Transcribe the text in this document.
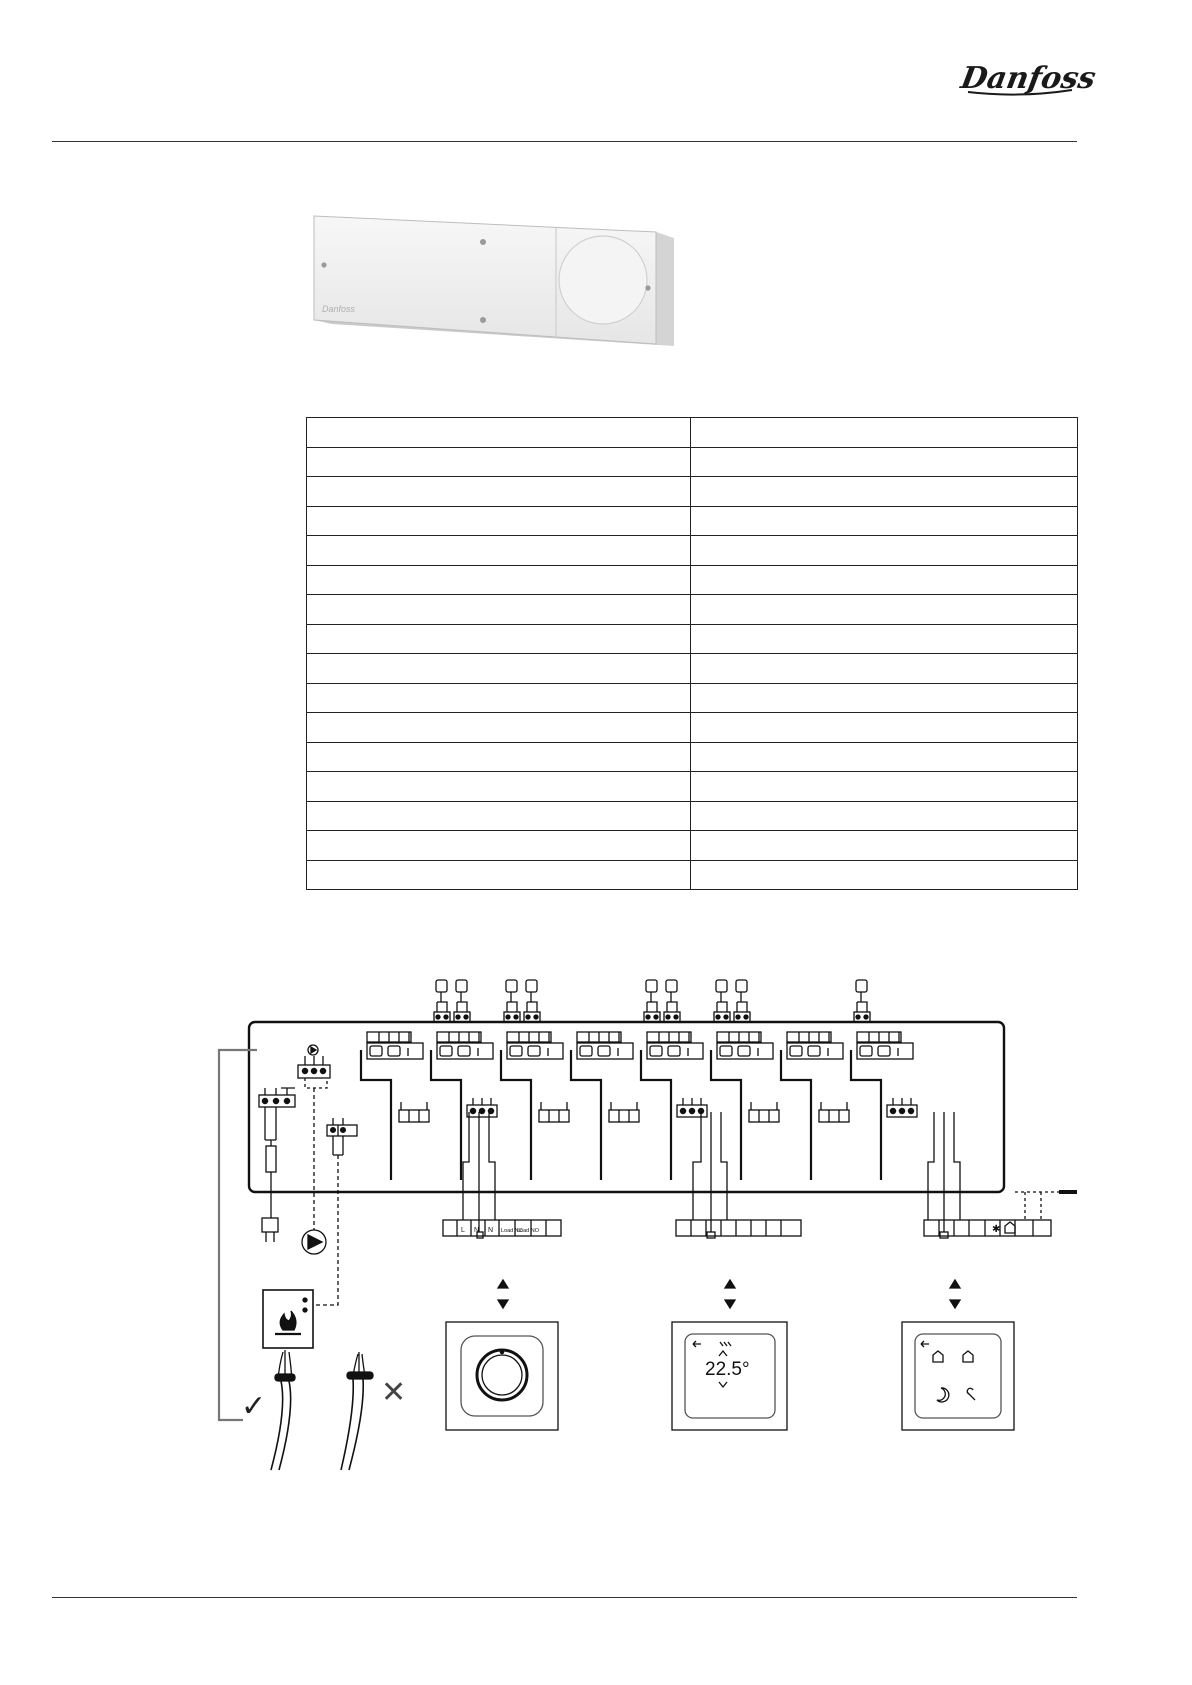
Danfoss
Danfoss

L N N Load NC
Load NO
22.5°
✱
✓	✕
